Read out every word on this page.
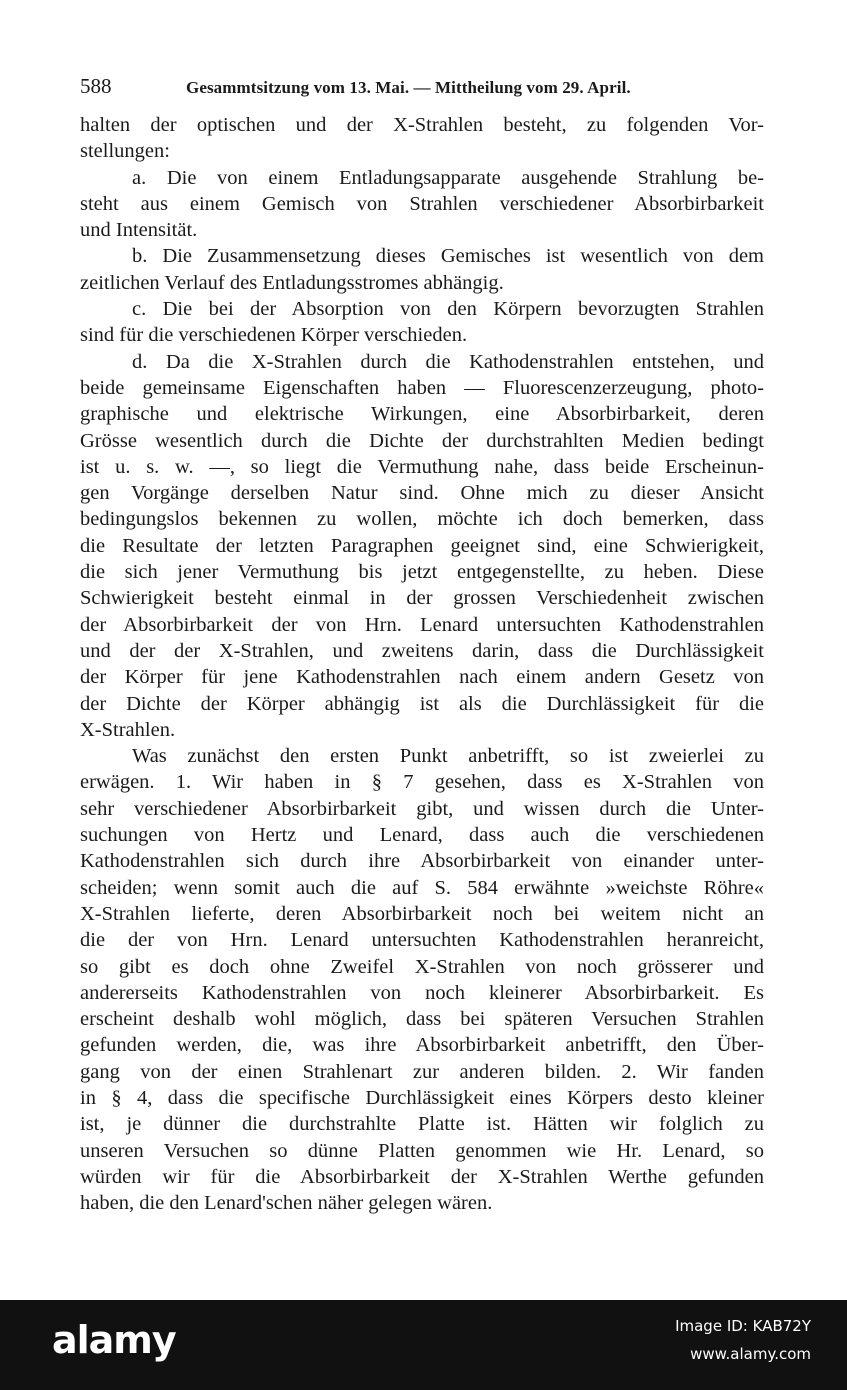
588	Gesammtsitzung vom 13. Mai. — Mittheilung vom 29. April.
halten der optischen und der X-Strahlen besteht, zu folgenden Vor-
stellungen:
a. Die von einem Entladungsapparate ausgehende Strahlung be-
steht aus einem Gemisch von Strahlen verschiedener Absorbirbarkeit
und Intensität.
b. Die Zusammensetzung dieses Gemisches ist wesentlich von dem
zeitlichen Verlauf des Entladungsstromes abhängig.
c. Die bei der Absorption von den Körpern bevorzugten Strahlen
sind für die verschiedenen Körper verschieden.
d. Da die X-Strahlen durch die Kathodenstrahlen entstehen, und
beide gemeinsame Eigenschaften haben — Fluorescenzerzeugung, photo-
graphische und elektrische Wirkungen, eine Absorbirbarkeit, deren
Grösse wesentlich durch die Dichte der durchstrahlten Medien bedingt
ist u. s. w. —, so liegt die Vermuthung nahe, dass beide Erscheinun-
gen Vorgänge derselben Natur sind. Ohne mich zu dieser Ansicht
bedingungslos bekennen zu wollen, möchte ich doch bemerken, dass
die Resultate der letzten Paragraphen geeignet sind, eine Schwierigkeit,
die sich jener Vermuthung bis jetzt entgegenstellte, zu heben. Diese
Schwierigkeit besteht einmal in der grossen Verschiedenheit zwischen
der Absorbirbarkeit der von Hrn. Lenard untersuchten Kathodenstrahlen
und der der X-Strahlen, und zweitens darin, dass die Durchlässigkeit
der Körper für jene Kathodenstrahlen nach einem andern Gesetz von
der Dichte der Körper abhängig ist als die Durchlässigkeit für die
X-Strahlen.
Was zunächst den ersten Punkt anbetrifft, so ist zweierlei zu
erwägen. 1. Wir haben in § 7 gesehen, dass es X-Strahlen von
sehr verschiedener Absorbirbarkeit gibt, und wissen durch die Unter-
suchungen von Hertz und Lenard, dass auch die verschiedenen
Kathodenstrahlen sich durch ihre Absorbirbarkeit von einander unter-
scheiden; wenn somit auch die auf S. 584 erwähnte »weichste Röhre«
X-Strahlen lieferte, deren Absorbirbarkeit noch bei weitem nicht an
die der von Hrn. Lenard untersuchten Kathodenstrahlen heranreicht,
so gibt es doch ohne Zweifel X-Strahlen von noch grösserer und
andererseits Kathodenstrahlen von noch kleinerer Absorbirbarkeit. Es
erscheint deshalb wohl möglich, dass bei späteren Versuchen Strahlen
gefunden werden, die, was ihre Absorbirbarkeit anbetrifft, den Über-
gang von der einen Strahlenart zur anderen bilden. 2. Wir fanden
in § 4, dass die specifische Durchlässigkeit eines Körpers desto kleiner
ist, je dünner die durchstrahlte Platte ist. Hätten wir folglich zu
unseren Versuchen so dünne Platten genommen wie Hr. Lenard, so
würden wir für die Absorbirbarkeit der X-Strahlen Werthe gefunden
haben, die den Lenard'schen näher gelegen wären.
alamy	Image ID: KAB72Y
www.alamy.com
